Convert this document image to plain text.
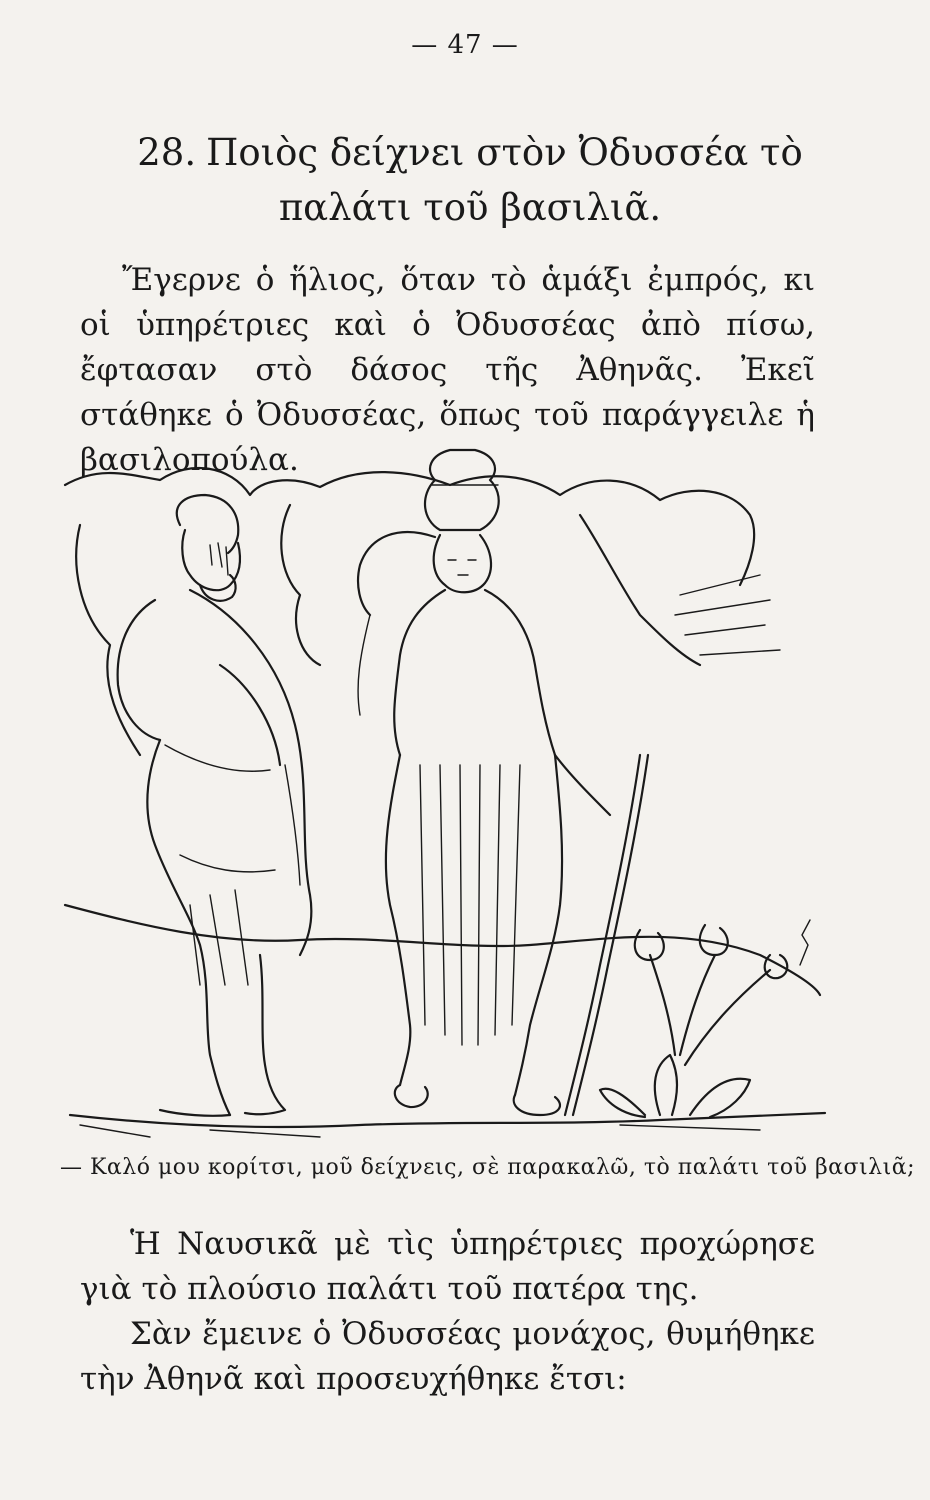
— 47 —
28. Ποιὸς δείχνει στὸν Ὀδυσσέα τὸ παλάτι τοῦ βασιλιᾶ.
Ἔγερνε ὁ ἥλιος, ὅταν τὸ ἁμάξι ἐμπρός, κι οἱ ὑπηρέτριες καὶ ὁ Ὀδυσσέας ἀπὸ πίσω, ἔφτασαν στὸ δάσος τῆς Ἀθηνᾶς. Ἐκεῖ στάθηκε ὁ Ὀδυσσέας, ὅπως τοῦ παράγγειλε ἡ βασιλοπούλα.
— Καλό μου κορίτσι, μοῦ δείχνεις, σὲ παρακαλῶ, τὸ παλάτι τοῦ βασιλιᾶ;

Ἡ Ναυσικᾶ μὲ τὶς ὑπηρέτριες προχώρησε γιὰ τὸ πλούσιο παλάτι τοῦ πατέρα της.

Σὰν ἔμεινε ὁ Ὀδυσσέας μονάχος, θυμήθηκε τὴν Ἀθηνᾶ καὶ προσευχήθηκε ἔτσι:
